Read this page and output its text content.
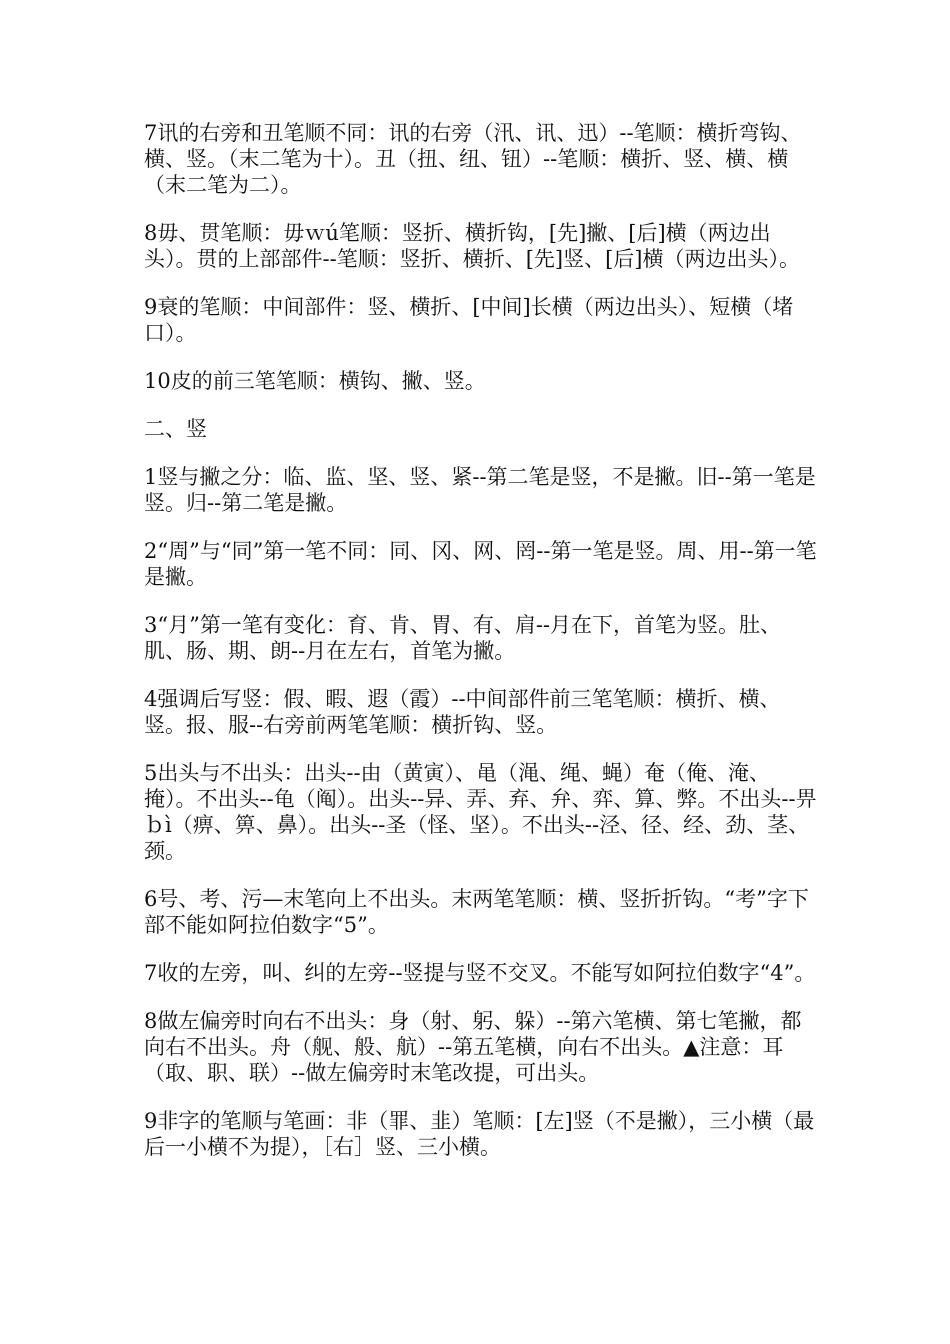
7讯的右旁和丑笔顺不同：讯的右旁（汛、讯、迅）--笔顺：横折弯钩、横、竖。（末二笔为十）。丑（扭、纽、钮）--笔顺：横折、竖、横、横（末二笔为二）。

8毋、贯笔顺：毋ｗú笔顺：竖折、横折钩，[先]撇、[后]横（两边出头）。贯的上部部件--笔顺：竖折、横折、[先]竖、[后]横（两边出头）。

9衰的笔顺：中间部件：竖、横折、[中间]长横（两边出头）、短横（堵口）。

10皮的前三笔笔顺：横钩、撇、竖。

二、竖

1竖与撇之分：临、监、坚、竖、紧--第二笔是竖，不是撇。旧--第一笔是竖。归--第二笔是撇。

2“周”与“同”第一笔不同：同、冈、网、罔--第一笔是竖。周、用--第一笔是撇。

3“月”第一笔有变化：育、肯、胃、有、肩--月在下，首笔为竖。肚、肌、肠、期、朗--月在左右，首笔为撇。

4强调后写竖：假、暇、遐（霞）--中间部件前三笔笔顺：横折、横、竖。报、服--右旁前两笔笔顺：横折钩、竖。

5出头与不出头：出头--由（黄寅）、黾（渑、绳、蝇）奄（俺、淹、掩）。不出头--龟（阄）。出头--异、弄、弃、弁、弈、算、弊。不出头--畀ｂì（痹、箅、鼻）。出头--圣（怪、坚）。不出头--泾、径、经、劲、茎、颈。

6号、考、污—末笔向上不出头。末两笔笔顺：横、竖折折钩。“考”字下部不能如阿拉伯数字“5”。

7收的左旁，叫、纠的左旁--竖提与竖不交叉。不能写如阿拉伯数字“4”。

8做左偏旁时向右不出头：身（射、躬、躲）--第六笔横、第七笔撇，都向右不出头。舟（舰、般、航）--第五笔横，向右不出头。▲注意：耳（取、职、联）--做左偏旁时末笔改提，可出头。

9非字的笔顺与笔画：非（罪、韭）笔顺：[左]竖（不是撇），三小横（最后一小横不为提），［右］竖、三小横。
